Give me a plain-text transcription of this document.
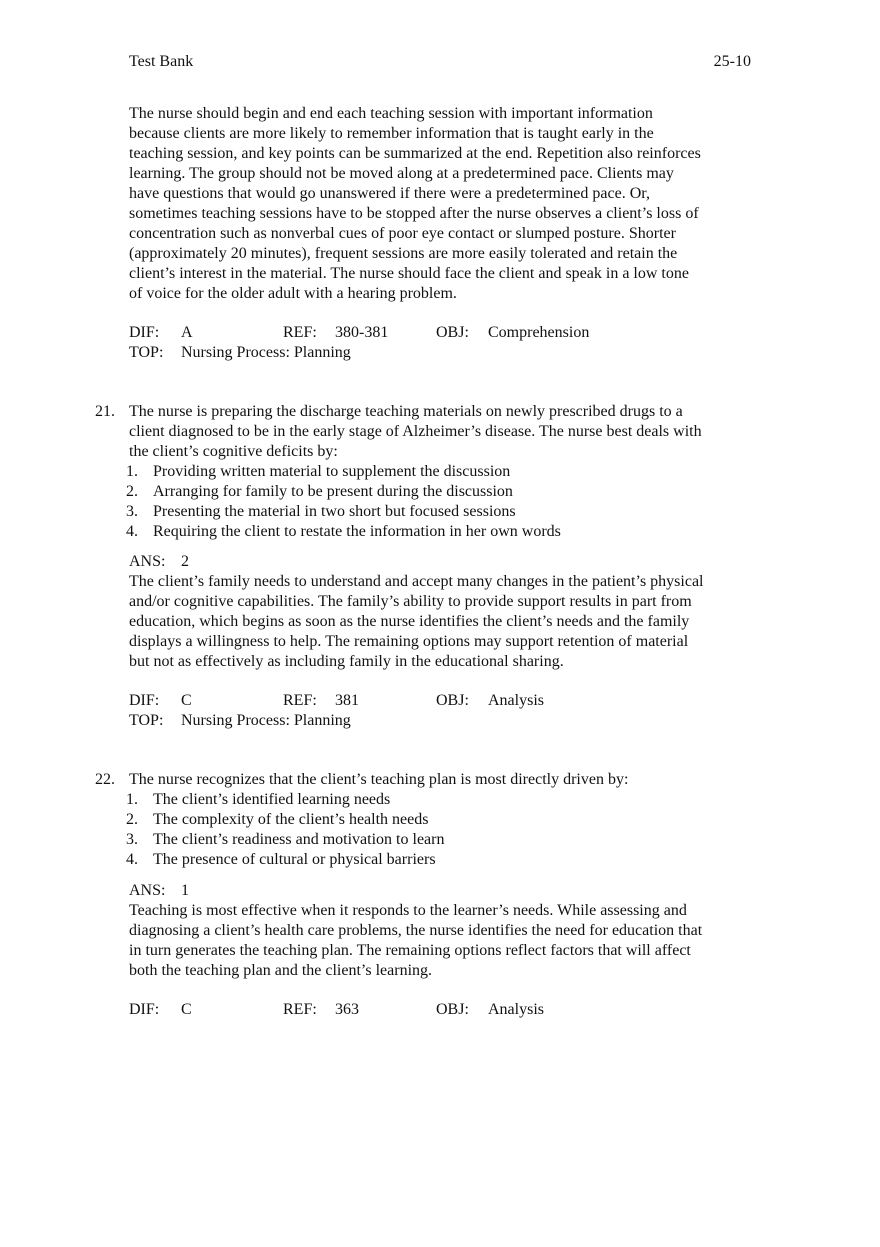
Test Bank	25-10
The nurse should begin and end each teaching session with important information
because clients are more likely to remember information that is taught early in the
teaching session, and key points can be summarized at the end. Repetition also reinforces
learning. The group should not be moved along at a predetermined pace. Clients may
have questions that would go unanswered if there were a predetermined pace. Or,
sometimes teaching sessions have to be stopped after the nurse observes a client’s loss of
concentration such as nonverbal cues of poor eye contact or slumped posture. Shorter
(approximately 20 minutes), frequent sessions are more easily tolerated and retain the
client’s interest in the material. The nurse should face the client and speak in a low tone
of voice for the older adult with a hearing problem.
DIF: A	REF: 380-381	OBJ: Comprehension
TOP: Nursing Process: Planning
21. The nurse is preparing the discharge teaching materials on newly prescribed drugs to a
client diagnosed to be in the early stage of Alzheimer’s disease. The nurse best deals with
the client’s cognitive deficits by:
1. Providing written material to supplement the discussion
2. Arranging for family to be present during the discussion
3. Presenting the material in two short but focused sessions
4. Requiring the client to restate the information in her own words
ANS: 2
The client’s family needs to understand and accept many changes in the patient’s physical
and/or cognitive capabilities. The family’s ability to provide support results in part from
education, which begins as soon as the nurse identifies the client’s needs and the family
displays a willingness to help. The remaining options may support retention of material
but not as effectively as including family in the educational sharing.
DIF: C	REF: 381	OBJ: Analysis
TOP: Nursing Process: Planning
22. The nurse recognizes that the client’s teaching plan is most directly driven by:
1. The client’s identified learning needs
2. The complexity of the client’s health needs
3. The client’s readiness and motivation to learn
4. The presence of cultural or physical barriers
ANS: 1
Teaching is most effective when it responds to the learner’s needs. While assessing and
diagnosing a client’s health care problems, the nurse identifies the need for education that
in turn generates the teaching plan. The remaining options reflect factors that will affect
both the teaching plan and the client’s learning.
DIF: C	REF: 363	OBJ: Analysis
